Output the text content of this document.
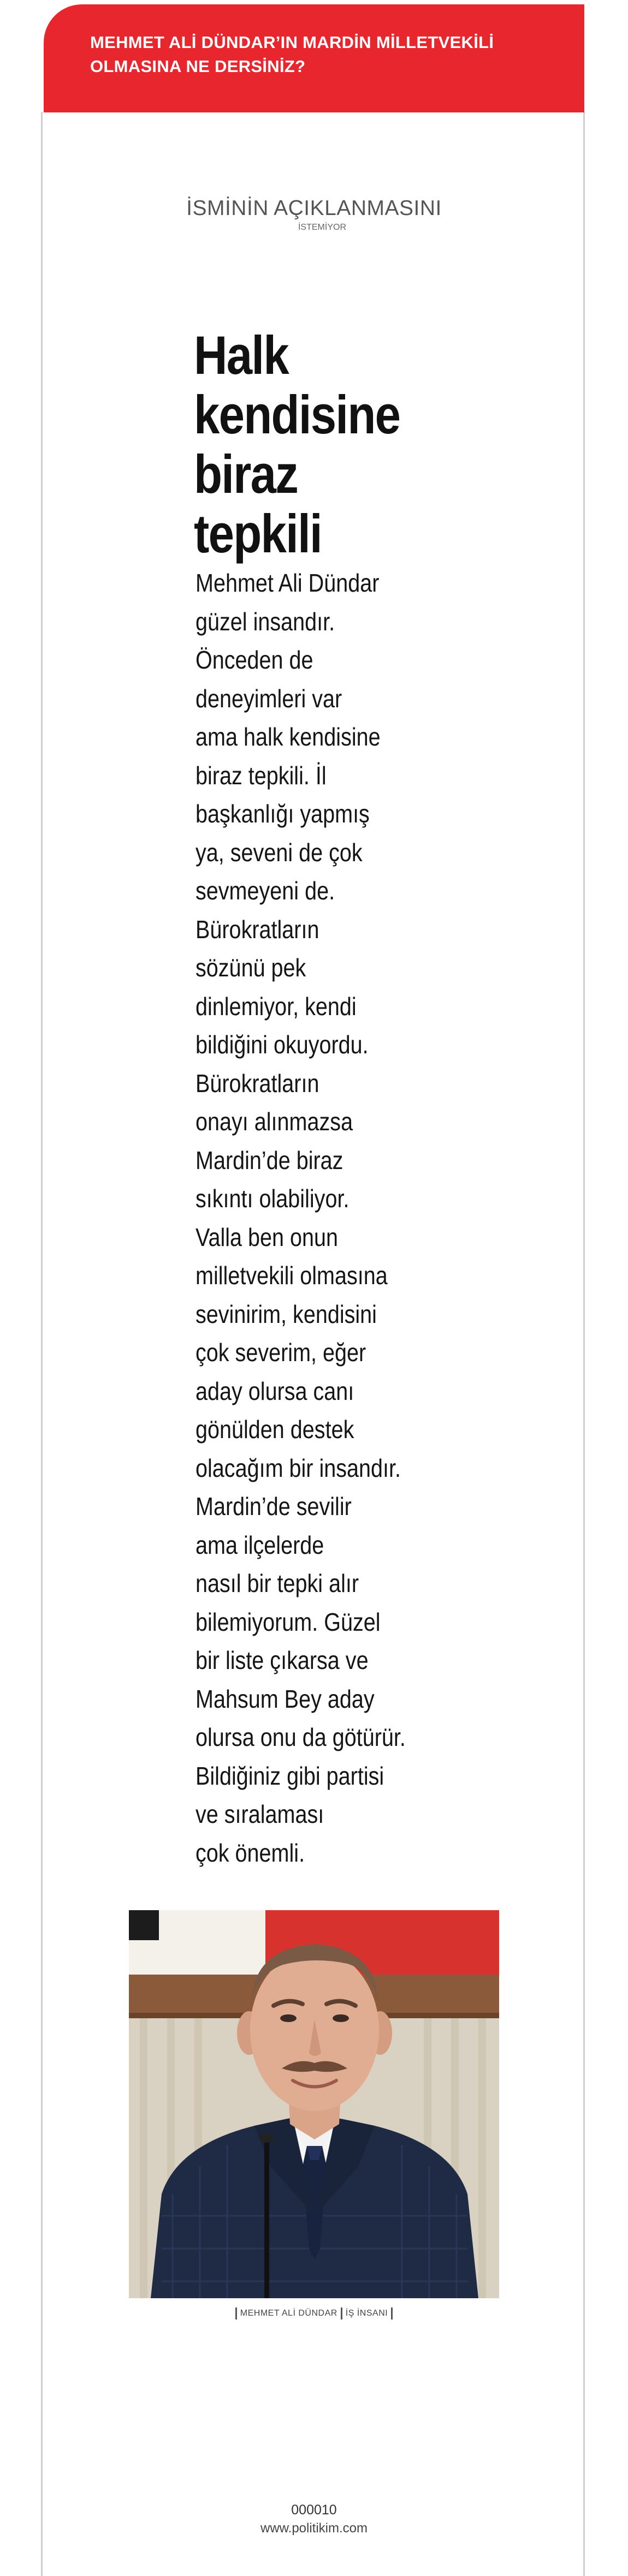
MEHMET ALİ DÜNDAR’IN MARDİN MİLLETVEKİLİ
OLMASINA NE DERSİNİZ?

İSMİNİN AÇIKLANMASINI
İSTEMİYOR
Halk
kendisine
biraz
tepkili
Mehmet Ali Dündar
güzel insandır.
Önceden de
deneyimleri var
ama halk kendisine
biraz tepkili. İl
başkanlığı yapmış
ya, seveni de çok
sevmeyeni de.
Bürokratların
sözünü pek
dinlemiyor, kendi
bildiğini okuyordu.
Bürokratların
onayı alınmazsa
Mardin’de biraz
sıkıntı olabiliyor.
Valla ben onun
milletvekili olmasına
sevinirim, kendisini
çok severim, eğer
aday olursa canı
gönülden destek
olacağım bir insandır.
Mardin’de sevilir
ama ilçelerde
nasıl bir tepki alır
bilemiyorum. Güzel
bir liste çıkarsa ve
Mahsum Bey aday
olursa onu da götürür.
Bildiğiniz gibi partisi
ve sıralaması
çok önemli.
MEHMET ALİ DÜNDAR İŞ İNSANI
000010
www.politikim.com
